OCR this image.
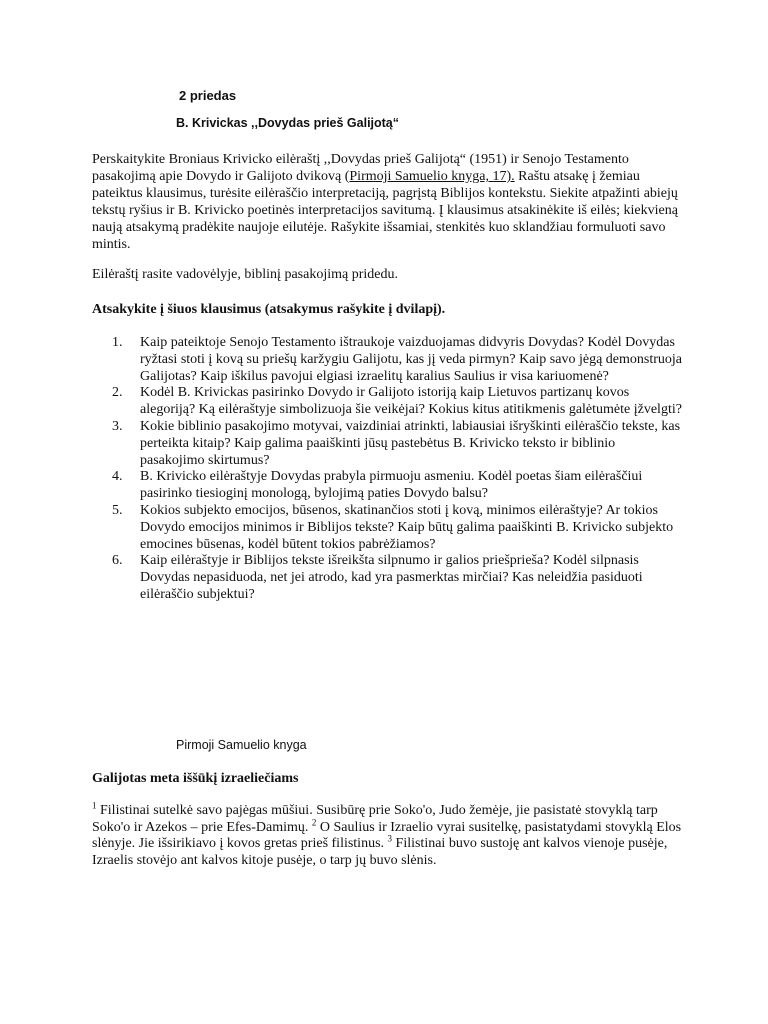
2 priedas
B. Krivickas ,,Dovydas prieš Galijotą“
Perskaitykite Broniaus Krivicko eilėraštį ,,Dovydas prieš Galijotą“ (1951) ir Senojo Testamento pasakojimą apie Dovydo ir Galijoto dvikovą (Pirmoji Samuelio knyga, 17). Raštu atsakę į žemiau pateiktus klausimus, turėsite eilėraščio interpretaciją, pagrįstą Biblijos kontekstu. Siekite atpažinti abiejų tekstų ryšius ir B. Krivicko poetinės interpretacijos savitumą. Į klausimus atsakinėkite iš eilės; kiekvieną naują atsakymą pradėkite naujoje eilutėje. Rašykite išsamiai, stenkitės kuo sklandžiau formuluoti savo mintis.
Eilėraštį rasite vadovėlyje, biblinį pasakojimą pridedu.
Atsakykite į šiuos klausimus (atsakymus rašykite į dvilapį).
1.	Kaip pateiktoje Senojo Testamento ištraukoje vaizduojamas didvyris Dovydas? Kodėl Dovydas ryžtasi stoti į kovą su priešų karžygiu Galijotu, kas jį veda pirmyn? Kaip savo jėgą demonstruoja Galijotas? Kaip iškilus pavojui elgiasi izraelitų karalius Saulius ir visa kariuomenė?
2.	Kodėl B. Krivickas pasirinko Dovydo ir Galijoto istoriją kaip Lietuvos partizanų kovos alegoriją? Ką eilėraštyje simbolizuoja šie veikėjai? Kokius kitus atitikmenis galėtumėte įžvelgti?
3.	Kokie biblinio pasakojimo motyvai, vaizdiniai atrinkti, labiausiai išryškinti eilėraščio tekste, kas perteikta kitaip? Kaip galima paaiškinti jūsų pastebėtus B. Krivicko teksto ir biblinio pasakojimo skirtumus?
4.	B. Krivicko eilėraštyje Dovydas prabyla pirmuoju asmeniu. Kodėl poetas šiam eilėraščiui pasirinko tiesioginį monologą, bylojimą paties Dovydo balsu?
5.	Kokios subjekto emocijos, būsenos, skatinančios stoti į kovą, minimos eilėraštyje? Ar tokios Dovydo emocijos minimos ir Biblijos tekste? Kaip būtų galima paaiškinti B. Krivicko subjekto emocines būsenas, kodėl būtent tokios pabrėžiamos?
6.	Kaip eilėraštyje ir Biblijos tekste išreikšta silpnumo ir galios priešprieša? Kodėl silpnasis Dovydas nepasiduoda, net jei atrodo, kad yra pasmerktas mirčiai? Kas neleidžia pasiduoti eilėraščio subjektui?
Pirmoji Samuelio knyga
Galijotas meta iššūkį izraeliečiams
$^1$ Filistinai sutelkė savo pajėgas mūšiui. Susibūrę prie Soko'o, Judo žemėje, jie pasistatė stovyklą tarp Soko'o ir Azekos – prie Efes-Damimų. $^2$ O Saulius ir Izraelio vyrai susitelkę, pasistatydami stovyklą Elos slėnyje. Jie išsirikiavo į kovos gretas prieš filistinus. $^3$ Filistinai buvo sustoję ant kalvos vienoje pusėje, Izraelis stovėjo ant kalvos kitoje pusėje, o tarp jų buvo slėnis.
